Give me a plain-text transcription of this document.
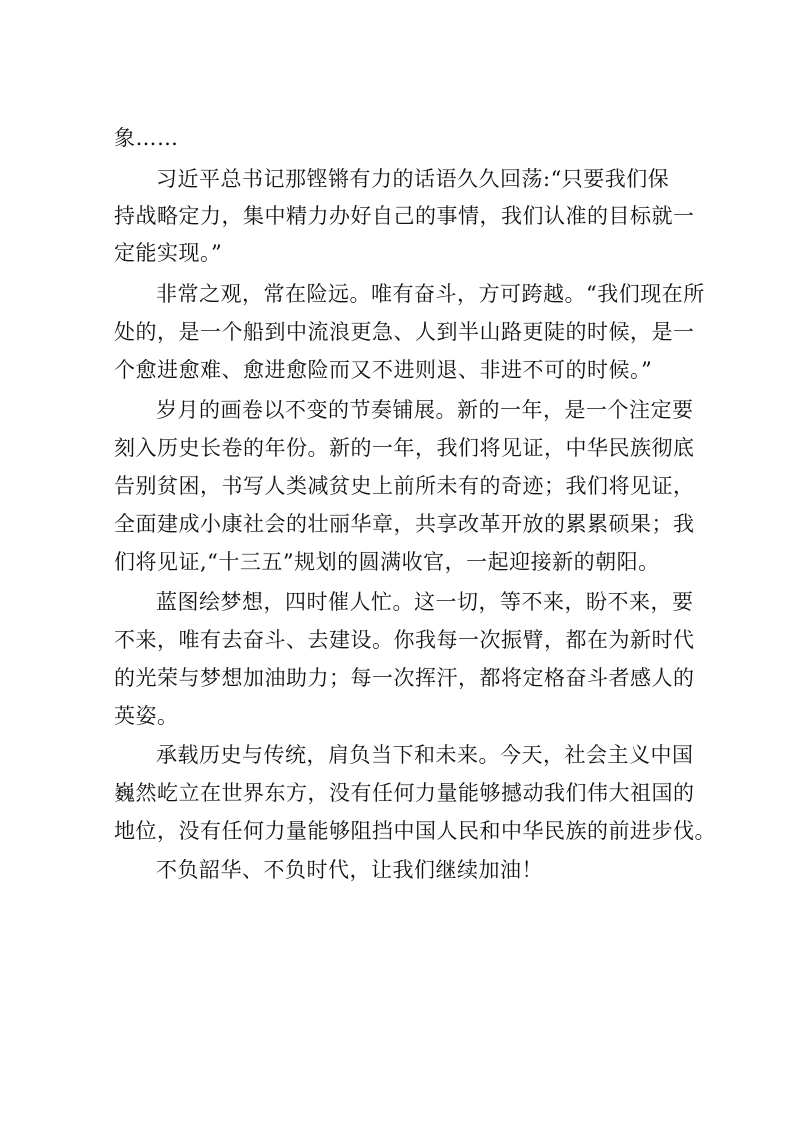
象……
习近平总书记那铿锵有力的话语久久回荡:“只要我们保
持战略定力，集中精力办好自己的事情，我们认准的目标就一
定能实现。”
非常之观，常在险远。唯有奋斗，方可跨越。“我们现在所
处的，是一个船到中流浪更急、人到半山路更陡的时候，是一
个愈进愈难、愈进愈险而又不进则退、非进不可的时候。”
岁月的画卷以不变的节奏铺展。新的一年，是一个注定要
刻入历史长卷的年份。新的一年，我们将见证，中华民族彻底
告别贫困，书写人类减贫史上前所未有的奇迹；我们将见证，
全面建成小康社会的壮丽华章，共享改革开放的累累硕果；我
们将见证,“十三五”规划的圆满收官，一起迎接新的朝阳。
蓝图绘梦想，四时催人忙。这一切，等不来，盼不来，要
不来，唯有去奋斗、去建设。你我每一次振臂，都在为新时代
的光荣与梦想加油助力；每一次挥汗，都将定格奋斗者感人的
英姿。
承载历史与传统，肩负当下和未来。今天，社会主义中国
巍然屹立在世界东方，没有任何力量能够撼动我们伟大祖国的
地位，没有任何力量能够阻挡中国人民和中华民族的前进步伐。
不负韶华、不负时代，让我们继续加油！
